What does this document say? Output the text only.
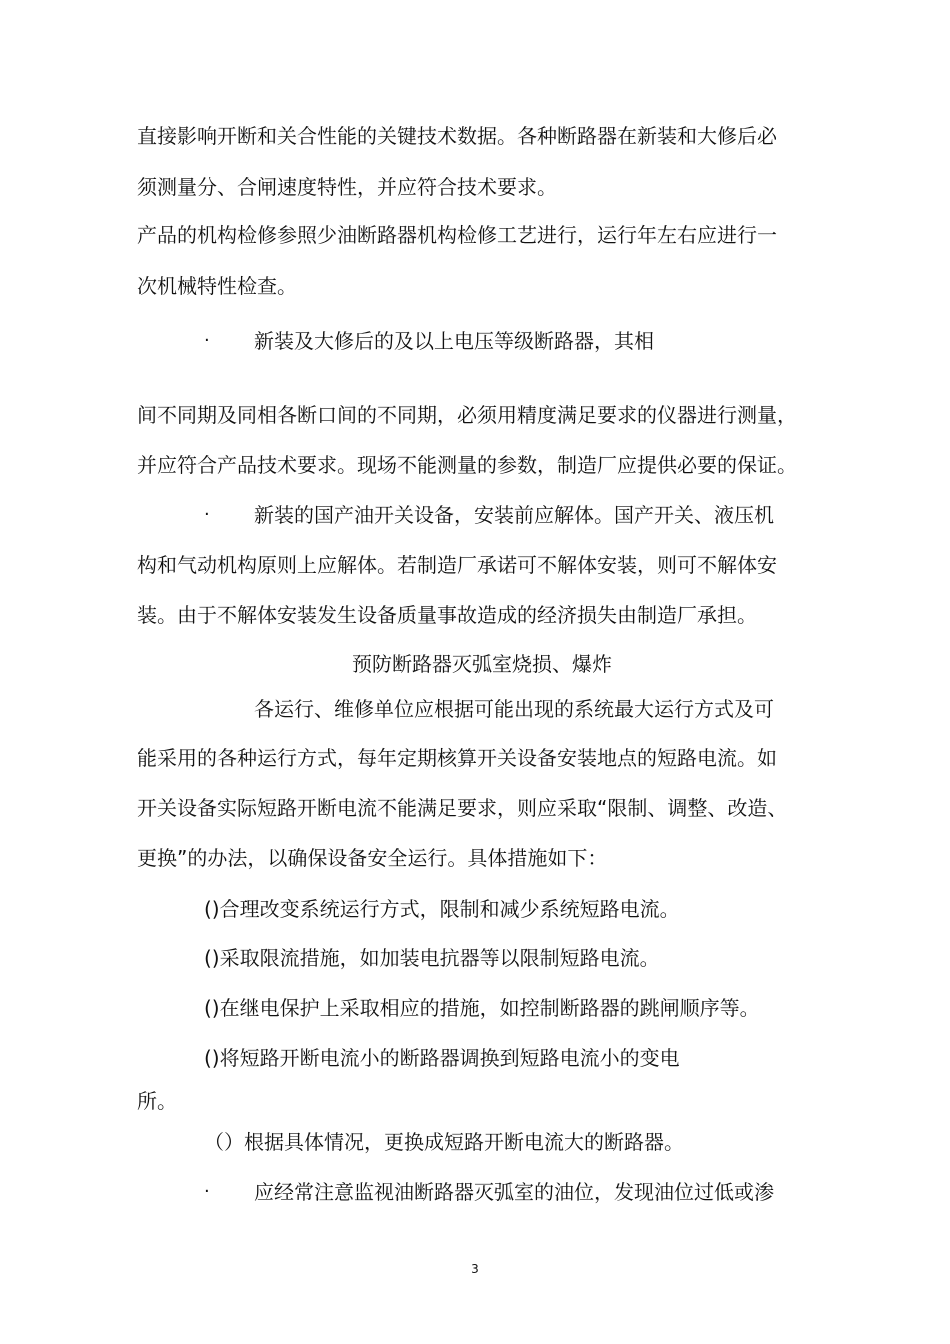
直接影响开断和关合性能的关键技术数据。各种断路器在新装和大修后必
须测量分、合闸速度特性，并应符合技术要求。
产品的机构检修参照少油断路器机构检修工艺进行，运行年左右应进行一
次机械特性检查。
· 新装及大修后的及以上电压等级断路器，其相
间不同期及同相各断口间的不同期，必须用精度满足要求的仪器进行测量，
并应符合产品技术要求。现场不能测量的参数，制造厂应提供必要的保证。
· 新装的国产油开关设备，安装前应解体。国产开关、液压机
构和气动机构原则上应解体。若制造厂承诺可不解体安装，则可不解体安
装。由于不解体安装发生设备质量事故造成的经济损失由制造厂承担。
预防断路器灭弧室烧损、爆炸
各运行、维修单位应根据可能出现的系统最大运行方式及可
能采用的各种运行方式，每年定期核算开关设备安装地点的短路电流。如
开关设备实际短路开断电流不能满足要求，则应采取“限制、调整、改造、
更换”的办法，以确保设备安全运行。具体措施如下：
()合理改变系统运行方式，限制和减少系统短路电流。
()采取限流措施，如加装电抗器等以限制短路电流。
()在继电保护上采取相应的措施，如控制断路器的跳闸顺序等。
()将短路开断电流小的断路器调换到短路电流小的变电
所。
（）根据具体情况，更换成短路开断电流大的断路器。
· 应经常注意监视油断路器灭弧室的油位，发现油位过低或渗
3
